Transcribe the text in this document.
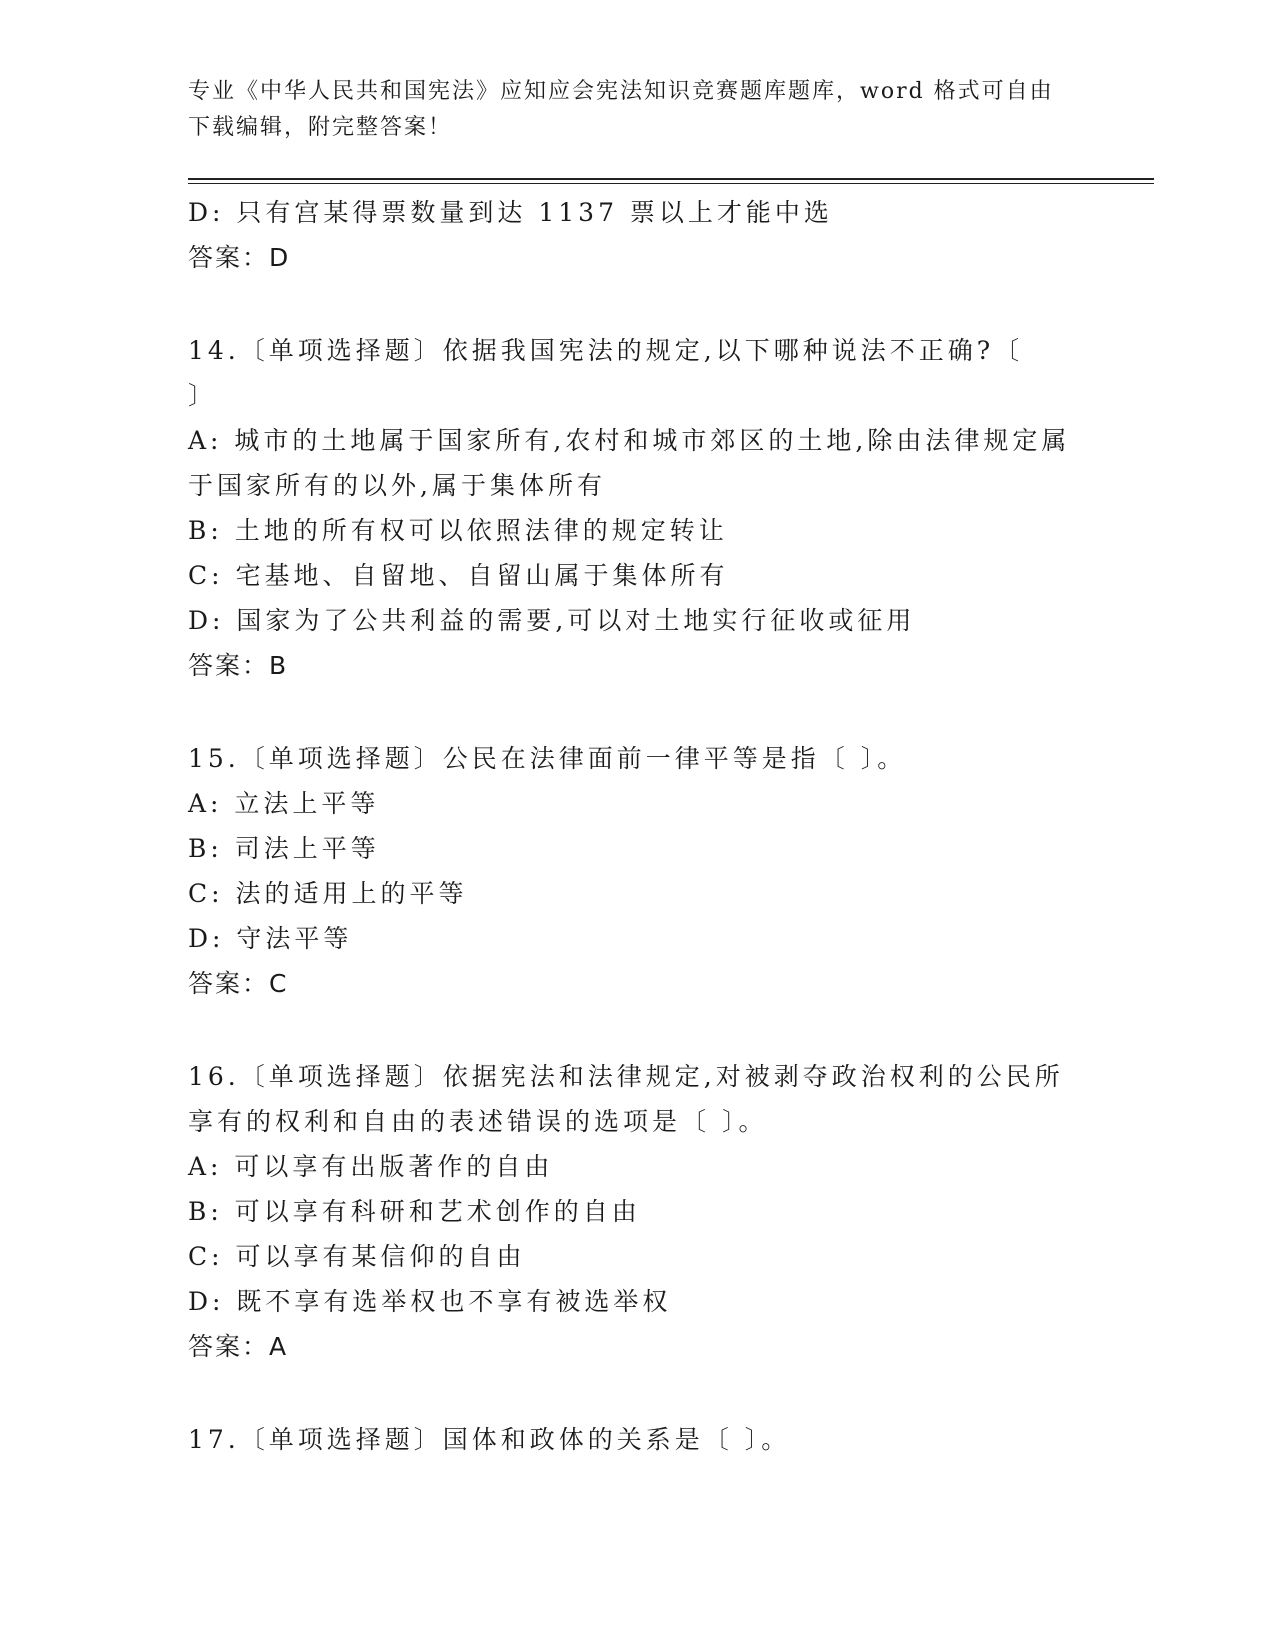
专业《中华人民共和国宪法》应知应会宪法知识竞赛题库题库，word 格式可自由
下载编辑，附完整答案！
D: 只有宫某得票数量到达 1137 票以上才能中选
答案：D
14.〔单项选择题〕依据我国宪法的规定,以下哪种说法不正确?〔
〕
A: 城市的土地属于国家所有,农村和城市郊区的土地,除由法律规定属
于国家所有的以外,属于集体所有
B: 土地的所有权可以依照法律的规定转让
C: 宅基地、自留地、自留山属于集体所有
D: 国家为了公共利益的需要,可以对土地实行征收或征用
答案：B
15.〔单项选择题〕公民在法律面前一律平等是指〔 〕。
A: 立法上平等
B: 司法上平等
C: 法的适用上的平等
D: 守法平等
答案：C
16.〔单项选择题〕依据宪法和法律规定,对被剥夺政治权利的公民所
享有的权利和自由的表述错误的选项是〔 〕。
A: 可以享有出版著作的自由
B: 可以享有科研和艺术创作的自由
C: 可以享有某信仰的自由
D: 既不享有选举权也不享有被选举权
答案：A
17.〔单项选择题〕国体和政体的关系是〔 〕。
